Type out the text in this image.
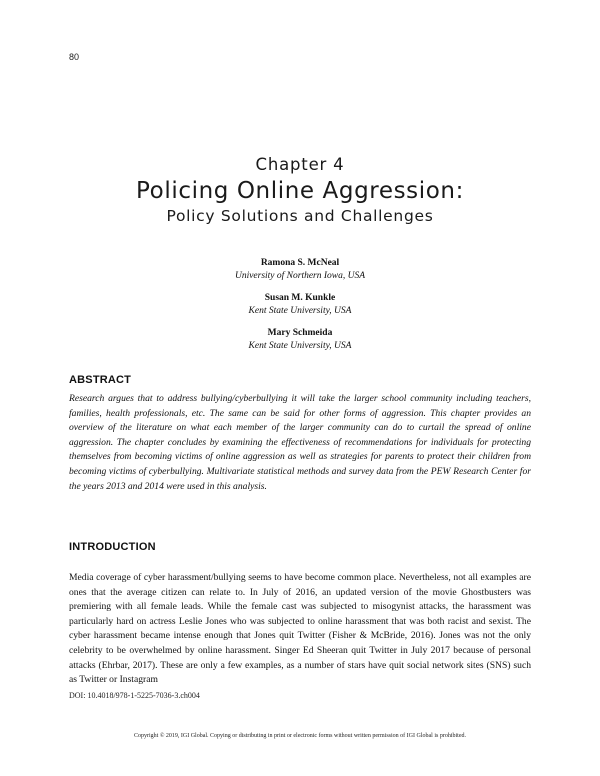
80
Chapter 4
Policing Online Aggression:
Policy Solutions and Challenges
Ramona S. McNeal
University of Northern Iowa, USA
Susan M. Kunkle
Kent State University, USA
Mary Schmeida
Kent State University, USA
ABSTRACT

Research argues that to address bullying/cyberbullying it will take the larger school community including teachers, families, health professionals, etc. The same can be said for other forms of aggression. This chapter provides an overview of the literature on what each member of the larger community can do to curtail the spread of online aggression. The chapter concludes by examining the effectiveness of recommendations for individuals for protecting themselves from becoming victims of online aggression as well as strategies for parents to protect their children from becoming victims of cyberbullying. Multivariate statistical methods and survey data from the PEW Research Center for the years 2013 and 2014 were used in this analysis.

INTRODUCTION

Media coverage of cyber harassment/bullying seems to have become common place. Nevertheless, not all examples are ones that the average citizen can relate to. In July of 2016, an updated version of the movie Ghostbusters was premiering with all female leads. While the female cast was subjected to misogynist attacks, the harassment was particularly hard on actress Leslie Jones who was subjected to online harassment that was both racist and sexist. The cyber harassment became intense enough that Jones quit Twitter (Fisher & McBride, 2016). Jones was not the only celebrity to be overwhelmed by online harassment. Singer Ed Sheeran quit Twitter in July 2017 because of personal attacks (Ehrbar, 2017). These are only a few examples, as a number of stars have quit social network sites (SNS) such as Twitter or Instagram

DOI: 10.4018/978-1-5225-7036-3.ch004
Copyright © 2019, IGI Global. Copying or distributing in print or electronic forms without written permission of IGI Global is prohibited.
